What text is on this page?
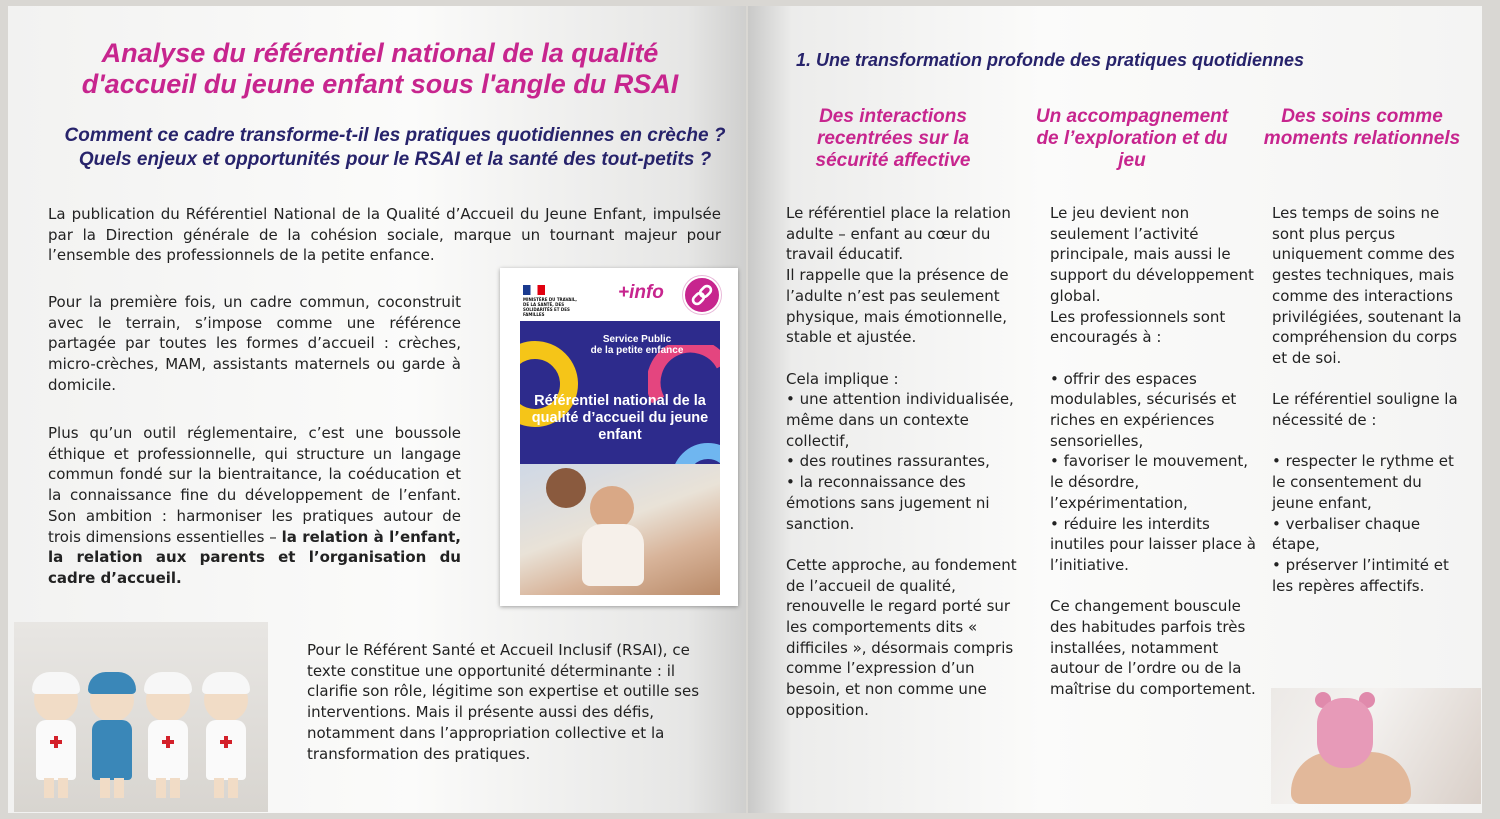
Analyse du référentiel national de la qualité d'accueil du jeune enfant sous l'angle du RSAI
Comment ce cadre transforme-t-il les pratiques quotidiennes en crèche ?
Quels enjeux et opportunités pour le RSAI et la santé des tout-petits ?
La publication du Référentiel National de la Qualité d’Accueil du Jeune Enfant, impulsée par la Direction générale de la cohésion sociale, marque un tournant majeur pour l’ensemble des professionnels de la petite enfance.
Pour la première fois, un cadre commun, coconstruit avec le terrain, s’impose comme une référence partagée par toutes les formes d’accueil : crèches, micro-crèches, MAM, assistants maternels ou garde à domicile.
Plus qu’un outil réglementaire, c’est une boussole éthique et professionnelle, qui structure un langage commun fondé sur la bientraitance, la coéducation et la connaissance fine du développement de l’enfant. Son ambition : harmoniser les pratiques autour de trois dimensions essentielles – la relation à l’enfant, la relation aux parents et l’organisation du cadre d’accueil.
MINISTÈRE DU TRAVAIL, DE LA SANTÉ, DES SOLIDARITÉS ET DES FAMILLES
Service Public
de la petite enfance
Référentiel national de la qualité d’accueil du jeune enfant
+info
Pour le Référent Santé et Accueil Inclusif (RSAI), ce texte constitue une opportunité déterminante : il clarifie son rôle, légitime son expertise et outille ses interventions. Mais il présente aussi des défis, notamment dans l’appropriation collective et la transformation des pratiques.
1. Une transformation profonde des pratiques quotidiennes
Des interactions recentrées sur la sécurité affective
Un accompagnement de l’exploration et du jeu
Des soins comme moments relationnels
Le référentiel place la relation adulte – enfant au cœur du travail éducatif.
Il rappelle que la présence de l’adulte n’est pas seulement physique, mais émotionnelle, stable et ajustée.

Cela implique :
• une attention individualisée, même dans un contexte collectif,
• des routines rassurantes,
• la reconnaissance des émotions sans jugement ni sanction.

Cette approche, au fondement de l’accueil de qualité, renouvelle le regard porté sur les comportements dits « difficiles », désormais compris comme l’expression d’un besoin, et non comme une opposition.
Le jeu devient non seulement l’activité principale, mais aussi le support du développement global.
Les professionnels sont encouragés à :

• offrir des espaces modulables, sécurisés et riches en expériences sensorielles,
• favoriser le mouvement, le désordre, l’expérimentation,
• réduire les interdits inutiles pour laisser place à l’initiative.

Ce changement bouscule des habitudes parfois très installées, notamment autour de l’ordre ou de la maîtrise du comportement.
Les temps de soins ne sont plus perçus uniquement comme des gestes techniques, mais comme des interactions privilégiées, soutenant la compréhension du corps et de soi.

Le référentiel souligne la nécessité de :

• respecter le rythme et le consentement du jeune enfant,
• verbaliser chaque étape,
• préserver l’intimité et les repères affectifs.
